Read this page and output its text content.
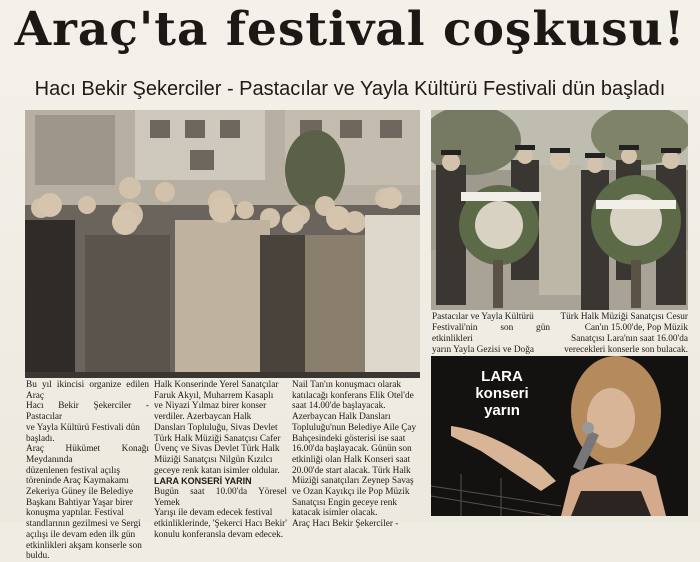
Araç'ta festival coşkusu!
Hacı Bekir Şekerciler - Pastacılar ve Yayla Kültürü Festivali dün başladı
Pastacılar ve Yayla Kültürü
Festivali'nin son gün etkinlikleri
yarın Yayla Gezisi ve Doğa
Türk Halk Müziği Sanatçısı Cesur
Can'ın 15.00'de, Pop Müzik
Sanatçısı Lara'nın saat 16.00'da
verecekleri konserle son bulacak.
LARA
konseri
yarın

Bu yıl ikincisi organize edilen Araç

Hacı Bekir Şekerciler - Pastacılar

ve Yayla Kültürü Festivali dün

başladı.

Araç Hükümet Konağı Meydanında

düzenlenen festival açılış

töreninde Araç Kaymakamı

Zekeriya Güney ile Belediye

Başkanı Bahtiyar Yaşar birer

konuşma yaptılar. Festival

standlarının gezilmesi ve Sergi

açılışı ile devam eden ilk gün

etkinlikleri akşam konserle son

buldu.

Halk Konserinde Yerel Sanatçılar

Faruk Akyıl, Muharrem Kasaplı

ve Niyazi Yılmaz birer konser

verdiler. Azerbaycan Halk

Dansları Topluluğu, Sivas Devlet

Türk Halk Müziği Sanatçısı Cafer

Üvenç ve Sivas Devlet Türk Halk

Müziği Sanatçısı Nilgün Kızılcı

geceye renk katan isimler oldular.

LARA KONSERİ YARIN

Bugün saat 10.00'da Yöresel Yemek

Yarışı ile devam edecek festival

etkinliklerinde, 'Şekerci Hacı Bekir'

konulu konferansla devam edecek.

Nail Tan'ın konuşmacı olarak

katılacağı konferans Elik Otel'de

saat 14.00'de başlayacak.

Azerbaycan Halk Dansları

Topluluğu'nun Belediye Aile Çay

Bahçesindeki gösterisi ise saat

16.00'da başlayacak. Günün son

etkinliği olan Halk Konseri saat

20.00'de start alacak. Türk Halk

Müziği sanatçıları Zeynep Savaş

ve Ozan Kayıkçı ile Pop Müzik

Sanatçısı Engin geceye renk

katacak isimler olacak.

Araç Hacı Bekir Şekerciler -
